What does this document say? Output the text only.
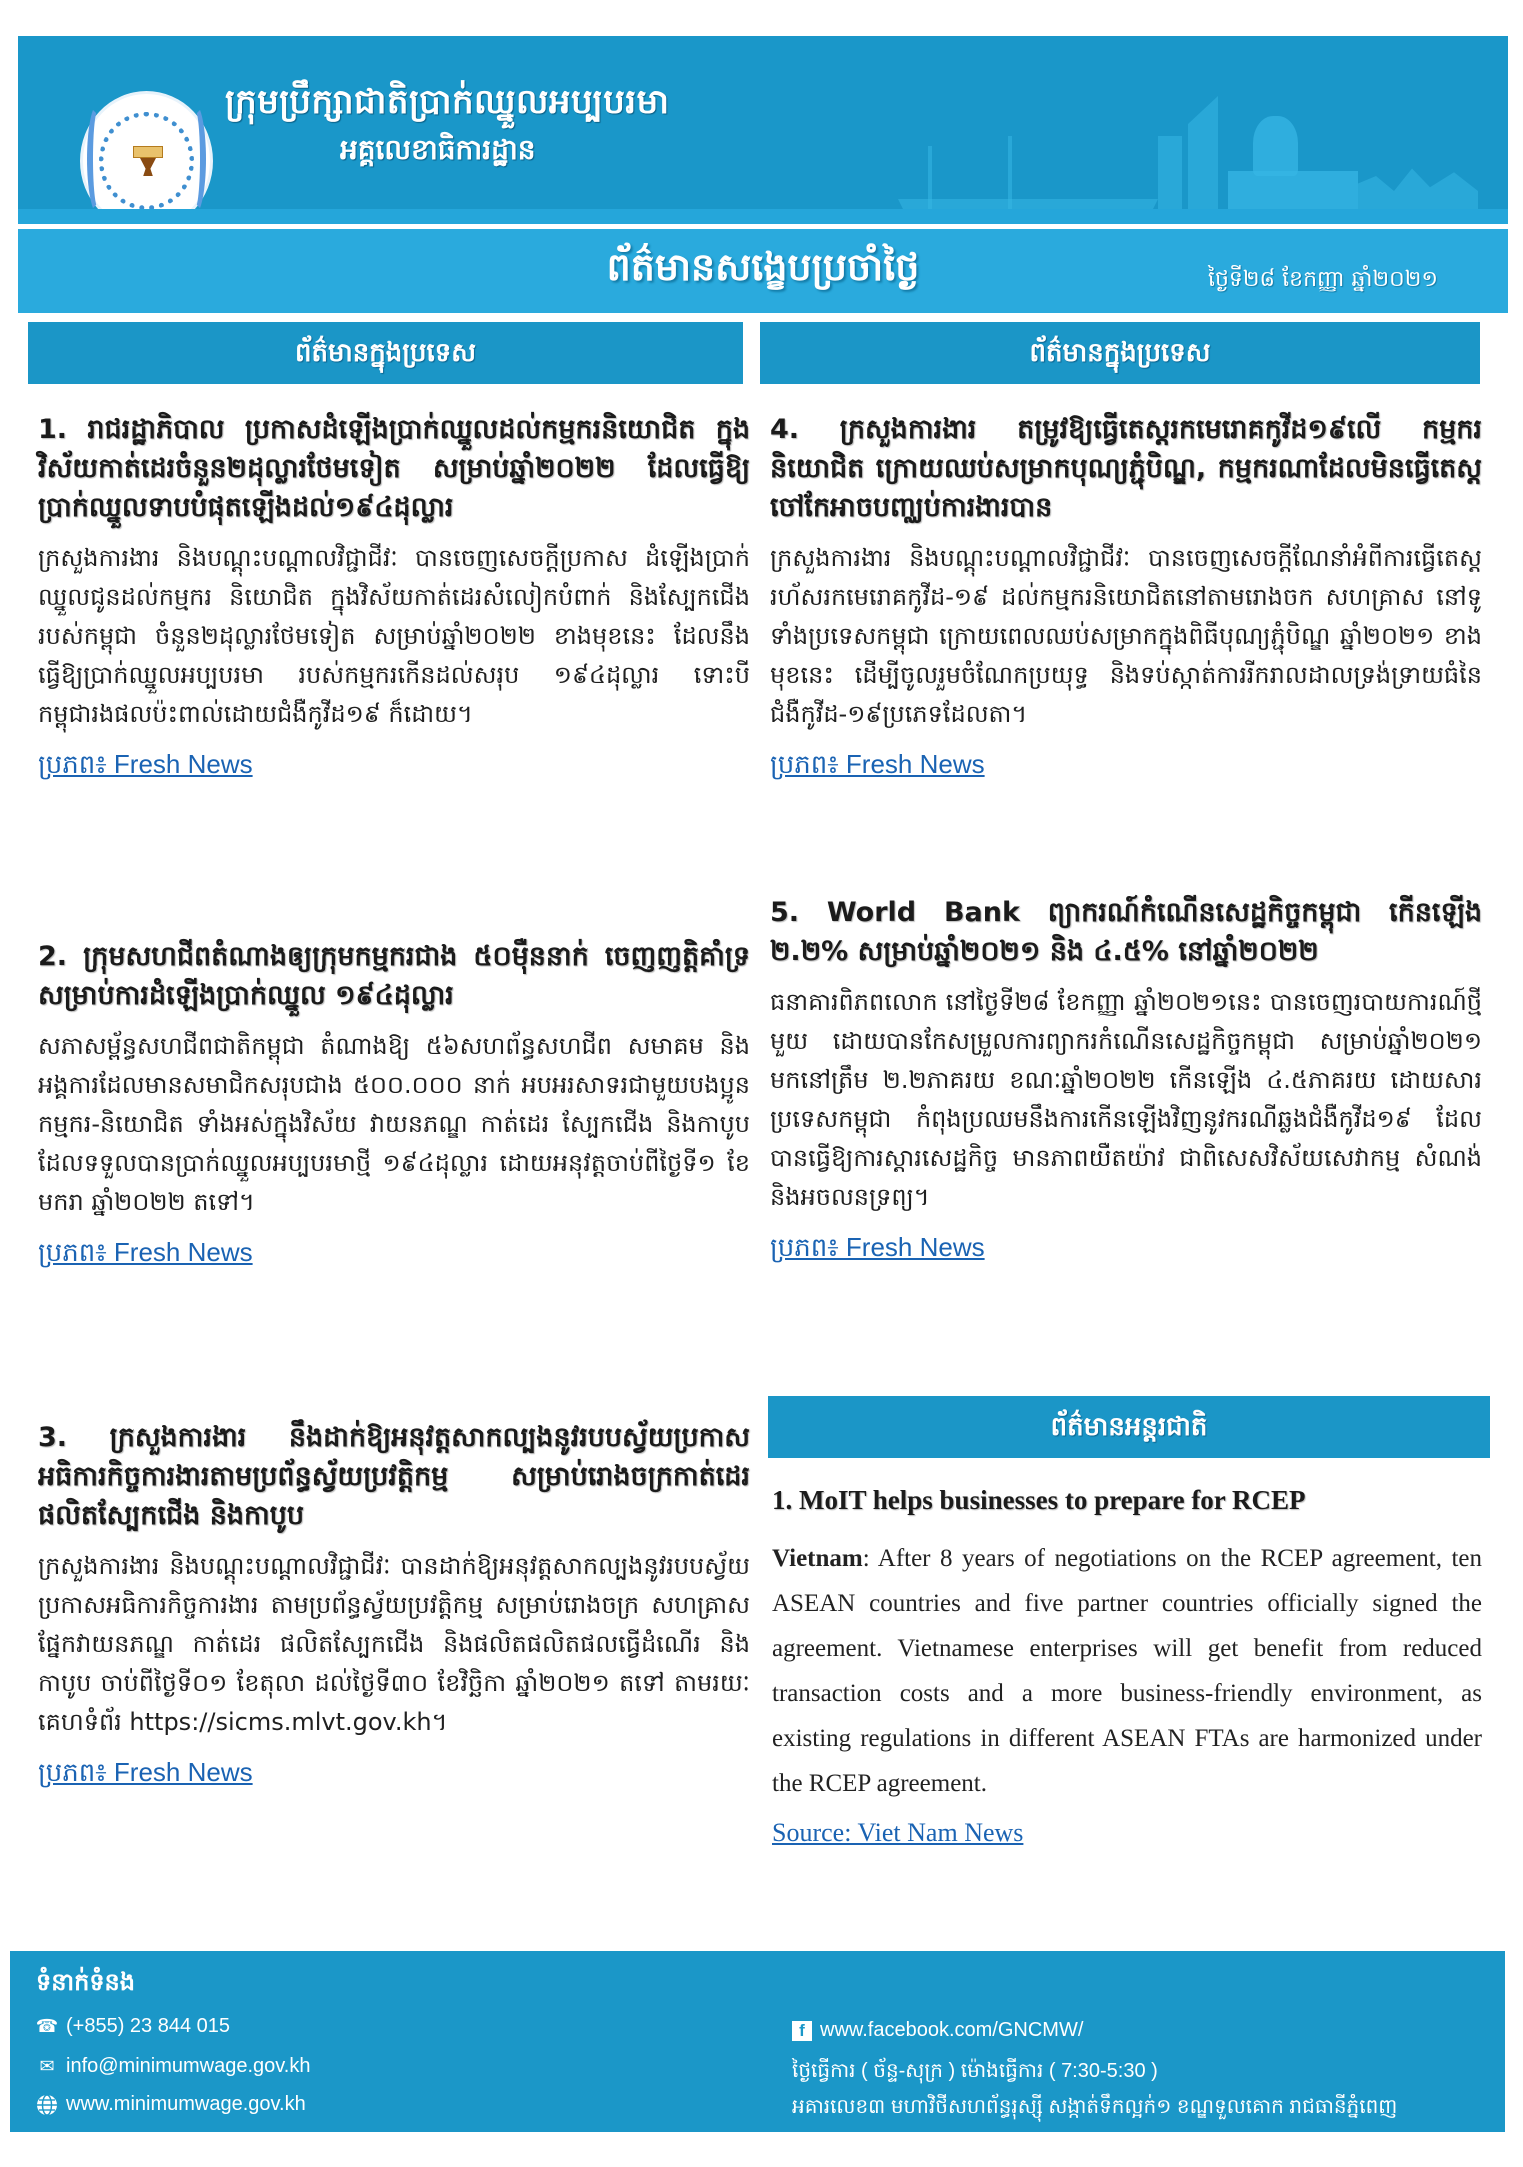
ក្រុមប្រឹក្សាជាតិប្រាក់ឈ្នួលអប្បបរមា
អគ្គលេខាធិការដ្ឋាន
ព័ត៌មានសង្ខេបប្រចាំថ្ងៃ	ថ្ងៃទី២៨ ខែកញ្ញា ឆ្នាំ២០២១
ព័ត៌មានក្នុងប្រទេស	ព័ត៌មានក្នុងប្រទេស
1. រាជរដ្ឋាភិបាល ប្រកាសដំឡើងប្រាក់ឈ្នួលដល់កម្មករនិយោជិត ក្នុងវិស័យកាត់ដេរចំនួន២ដុល្លារថែមទៀត សម្រាប់ឆ្នាំ២០២២ ដែលធ្វើឱ្យប្រាក់ឈ្នួលទាបបំផុតឡើងដល់១៩៤ដុល្លារ
ក្រសួងការងារ និងបណ្តុះបណ្តាលវិជ្ជាជីវៈ បានចេញសេចក្តីប្រកាស ដំឡើងប្រាក់ឈ្នួលជូនដល់កម្មករ និយោជិត ក្នុងវិស័យកាត់ដេរសំលៀកបំពាក់ និងស្បែកជើងរបស់កម្ពុជា ចំនួន២ដុល្លារថែមទៀត សម្រាប់ឆ្នាំ២០២២ ខាងមុខនេះ ដែលនឹងធ្វើឱ្យប្រាក់ឈ្នួលអប្បបរមា របស់កម្មករកើនដល់សរុប ១៩៤ដុល្លារ ទោះបីកម្ពុជារងផលប៉ះពាល់ដោយជំងឺកូវីដ១៩ ក៏ដោយ។
ប្រភព៖ Fresh News
2. ក្រុមសហជីពតំណាងឲ្យក្រុមកម្មករជាង ៥០ម៉ឺននាក់ ចេញញត្តិគាំទ្រ សម្រាប់ការដំឡើងប្រាក់ឈ្នួល ១៩៤ដុល្លារ
សភាសម្ព័ន្ធសហជីពជាតិកម្ពុជា តំណាងឱ្យ ៥៦សហព័ន្ធសហជីព សមាគម និងអង្គការដែលមានសមាជិកសរុបជាង ៥០០.០០០ នាក់ អបអរសាទរជាមួយបងប្អូនកម្មករ-និយោជិត ទាំងអស់ក្នុងវិស័យ វាយនភណ្ឌ កាត់ដេរ ស្បែកជើង និងកាបូប ដែលទទួលបានប្រាក់ឈ្នួលអប្បបរមាថ្មី ១៩៤ដុល្លារ ដោយអនុវត្តចាប់ពីថ្ងៃទី១ ខែមករា ឆ្នាំ២០២២ តទៅ។
ប្រភព៖ Fresh News
3. ក្រសួងការងារ នឹងដាក់ឱ្យអនុវត្តសាកល្បងនូវរបបស្វ័យប្រកាសអធិការកិច្ចការងារតាមប្រព័ន្ធស្វ័យប្រវត្តិកម្ម សម្រាប់រោងចក្រកាត់ដេរ ផលិតស្បែកជើង និងកាបូប
ក្រសួងការងារ និងបណ្តុះបណ្តាលវិជ្ជាជីវៈ បានដាក់ឱ្យអនុវត្តសាកល្បងនូវរបបស្វ័យប្រកាសអធិការកិច្ចការងារ តាមប្រព័ន្ធស្វ័យប្រវត្តិកម្ម សម្រាប់រោងចក្រ សហគ្រាស ផ្នែកវាយនភណ្ឌ កាត់ដេរ ផលិតស្បែកជើង និងផលិតផលិតផលធ្វើដំណើរ និងកាបូប ចាប់ពីថ្ងៃទី០១ ខែតុលា ដល់ថ្ងៃទី៣០ ខែវិច្ឆិកា ឆ្នាំ២០២១ តទៅ តាមរយៈគេហទំព័រ https://sicms.mlvt.gov.kh។
ប្រភព៖ Fresh News
4. ក្រសួងការងារ តម្រូវឱ្យធ្វើតេស្តរកមេរោគកូវីដ១៩លើ កម្មករនិយោជិត ក្រោយឈប់សម្រាកបុណ្យភ្ជុំបិណ្ឌ, កម្មករណាដែលមិនធ្វើតេស្ត ចៅកែអាចបញ្ឈប់ការងារបាន
ក្រសួងការងារ និងបណ្តុះបណ្តាលវិជ្ជាជីវៈ បានចេញសេចក្តីណែនាំអំពីការធ្វើតេស្តរហ័សរកមេរោគកូវីដ-១៩ ដល់កម្មករនិយោជិតនៅតាមរោងចក សហគ្រាស នៅទូទាំងប្រទេសកម្ពុជា ក្រោយពេលឈប់សម្រាកក្នុងពិធីបុណ្យភ្ជុំបិណ្ឌ ឆ្នាំ២០២១ ខាងមុខនេះ ដើម្បីចូលរួមចំណែកប្រយុទ្ធ និងទប់ស្កាត់ការរីករាលដាលទ្រង់ទ្រាយធំនៃជំងឺកូវីដ-១៩ប្រភេទដែលតា។
ប្រភព៖ Fresh News
5. World Bank ព្យាករណ៍កំណើនសេដ្ឋកិច្ចកម្ពុជា កើនឡើង ២.២% សម្រាប់ឆ្នាំ២០២១ និង ៤.៥% នៅឆ្នាំ២០២២
ធនាគារពិភពលោក នៅថ្ងៃទី២៨ ខែកញ្ញា ឆ្នាំ២០២១នេះ បានចេញរបាយការណ៍ថ្មីមួយ ដោយបានកែសម្រួលការព្យាករកំណើនសេដ្ឋកិច្ចកម្ពុជា សម្រាប់ឆ្នាំ២០២១ មកនៅត្រឹម ២.២ភាគរយ ខណៈឆ្នាំ២០២២ កើនឡើង ៤.៥ភាគរយ ដោយសារប្រទេសកម្ពុជា កំពុងប្រឈមនឹងការកើនឡើងវិញនូវករណីឆ្លងជំងឺកូវីដ១៩ ដែលបានធ្វើឱ្យការស្តារសេដ្ឋកិច្ច មានភាពយឺតយ៉ាវ ជាពិសេសវិស័យសេវាកម្ម សំណង់ និងអចលនទ្រព្យ។
ប្រភព៖ Fresh News
ព័ត៌មានអន្តរជាតិ
1. MoIT helps businesses to prepare for RCEP
Vietnam: After 8 years of negotiations on the RCEP agreement, ten ASEAN countries and five partner countries officially signed the agreement. Vietnamese enterprises will get benefit from reduced transaction costs and a more business-friendly environment, as existing regulations in different ASEAN FTAs are harmonized under the RCEP agreement.
Source: Viet Nam News
ទំនាក់ទំនង
☎ (+855) 23 844 015
✉ info@minimumwage.gov.kh
www.minimumwage.gov.kh
f www.facebook.com/GNCMW/
ថ្ងៃធ្វើការ ( ច័ន្ទ-សុក្រ ) ម៉ោងធ្វើការ ( 7:30-5:30 )
អគារលេខ៣ មហាវិថីសហព័ន្ធរុស្ស៊ី សង្កាត់ទឹកល្អក់១ ខណ្ឌទួលគោក រាជធានីភ្នំពេញ
